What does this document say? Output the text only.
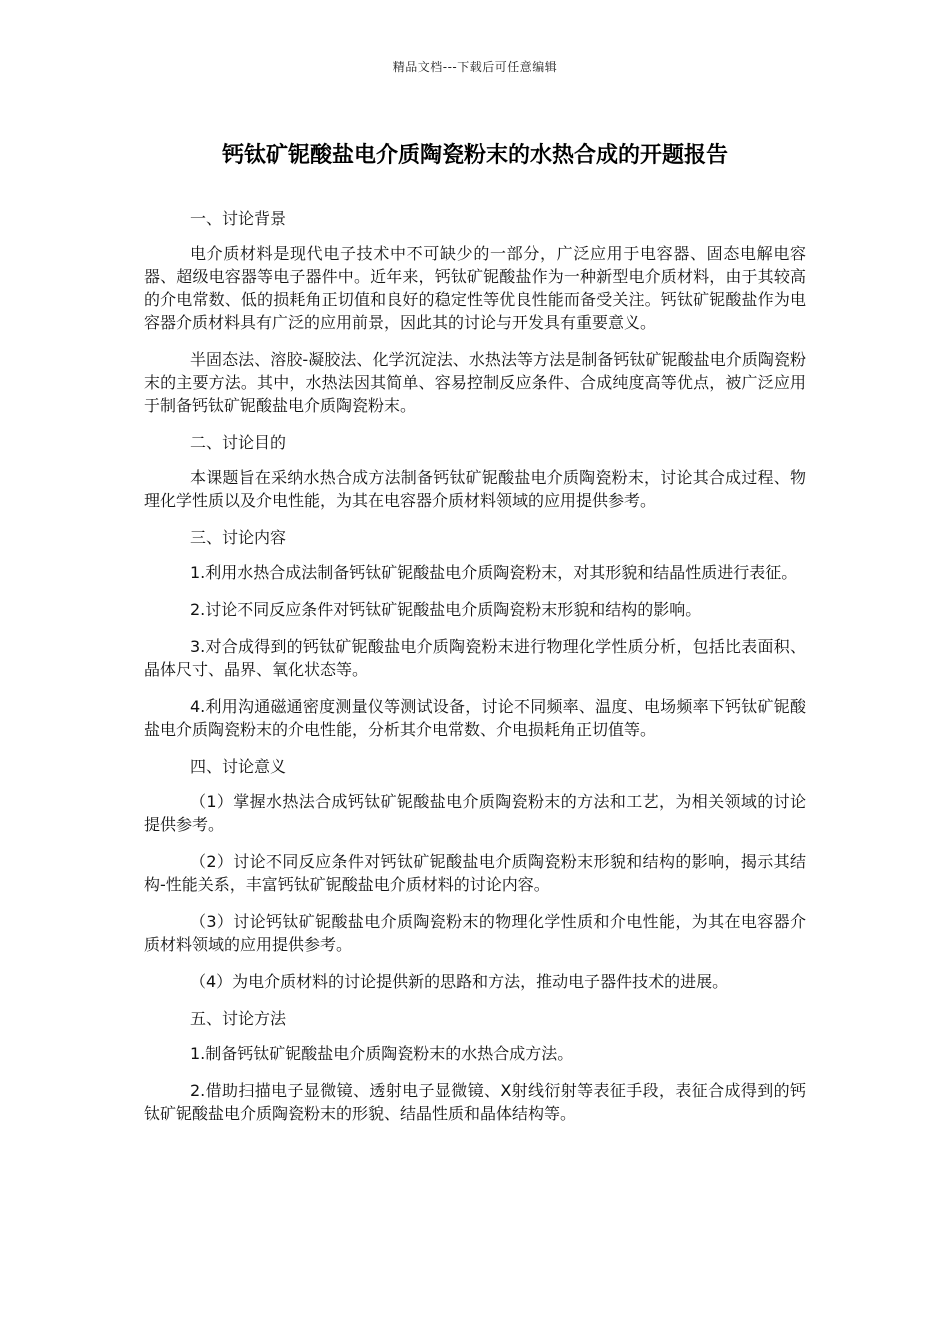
精品文档---下载后可任意编辑
钙钛矿铌酸盐电介质陶瓷粉末的水热合成的开题报告

一、讨论背景

电介质材料是现代电子技术中不可缺少的一部分，广泛应用于电容器、固态电解电容器、超级电容器等电子器件中。近年来，钙钛矿铌酸盐作为一种新型电介质材料，由于其较高的介电常数、低的损耗角正切值和良好的稳定性等优良性能而备受关注。钙钛矿铌酸盐作为电容器介质材料具有广泛的应用前景，因此其的讨论与开发具有重要意义。

半固态法、溶胶-凝胶法、化学沉淀法、水热法等方法是制备钙钛矿铌酸盐电介质陶瓷粉末的主要方法。其中，水热法因其简单、容易控制反应条件、合成纯度高等优点，被广泛应用于制备钙钛矿铌酸盐电介质陶瓷粉末。

二、讨论目的

本课题旨在采纳水热合成方法制备钙钛矿铌酸盐电介质陶瓷粉末，讨论其合成过程、物理化学性质以及介电性能，为其在电容器介质材料领域的应用提供参考。

三、讨论内容

1.利用水热合成法制备钙钛矿铌酸盐电介质陶瓷粉末，对其形貌和结晶性质进行表征。

2.讨论不同反应条件对钙钛矿铌酸盐电介质陶瓷粉末形貌和结构的影响。

3.对合成得到的钙钛矿铌酸盐电介质陶瓷粉末进行物理化学性质分析，包括比表面积、晶体尺寸、晶界、氧化状态等。

4.利用沟通磁通密度测量仪等测试设备，讨论不同频率、温度、电场频率下钙钛矿铌酸盐电介质陶瓷粉末的介电性能，分析其介电常数、介电损耗角正切值等。

四、讨论意义

（1）掌握水热法合成钙钛矿铌酸盐电介质陶瓷粉末的方法和工艺，为相关领域的讨论提供参考。

（2）讨论不同反应条件对钙钛矿铌酸盐电介质陶瓷粉末形貌和结构的影响，揭示其结构-性能关系，丰富钙钛矿铌酸盐电介质材料的讨论内容。

（3）讨论钙钛矿铌酸盐电介质陶瓷粉末的物理化学性质和介电性能，为其在电容器介质材料领域的应用提供参考。

（4）为电介质材料的讨论提供新的思路和方法，推动电子器件技术的进展。

五、讨论方法

1.制备钙钛矿铌酸盐电介质陶瓷粉末的水热合成方法。

2.借助扫描电子显微镜、透射电子显微镜、X射线衍射等表征手段，表征合成得到的钙钛矿铌酸盐电介质陶瓷粉末的形貌、结晶性质和晶体结构等。
